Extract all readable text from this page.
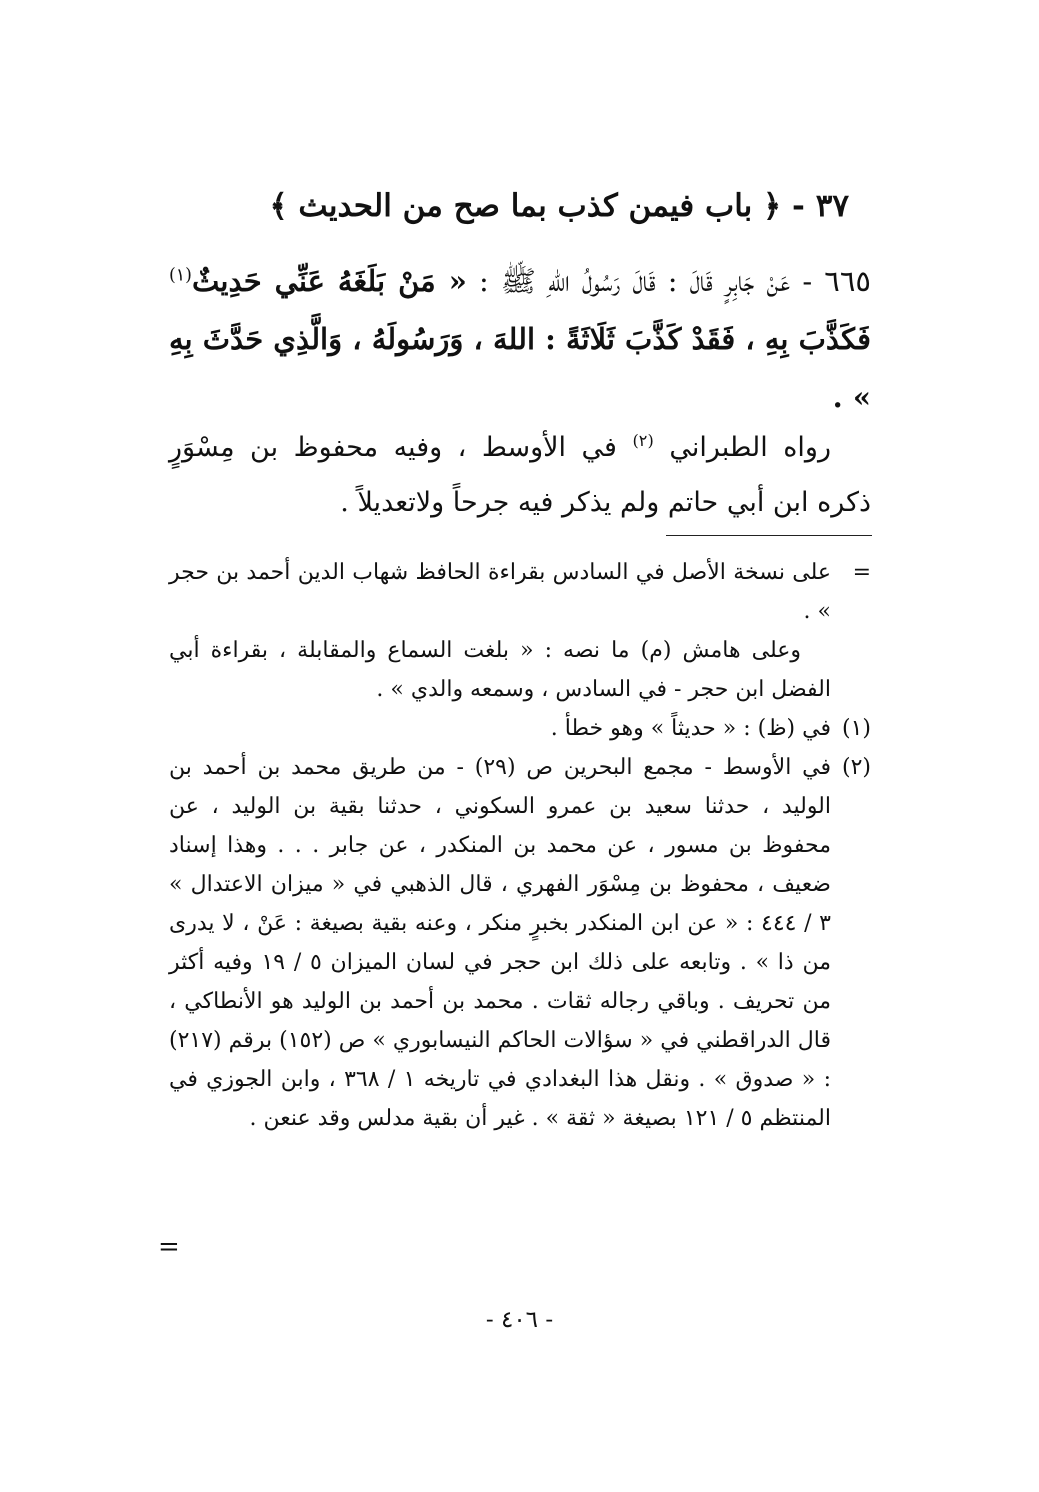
٣٧ - ﴿ باب فيمن كذب بما صح من الحديث ﴾
٦٦٥ - عَنْ جَابِرٍ قَالَ : قَالَ رَسُولُ اللهِ ﷺ : « مَنْ بَلَغَهُ عَنِّي حَدِيثٌ$^{(١)}$ فَكَذَّبَ بِهِ ، فَقَدْ كَذَّبَ ثَلَاثَةً : اللهَ ، وَرَسُولَهُ ، وَالَّذِي حَدَّثَ بِهِ » .
رواه الطبراني $^{(٢)}$ في الأوسط ، وفيه محفوظ بن مِسْوَرٍ ذكره ابن أبي حاتم ولم يذكر فيه جرحاً ولاتعديلاً .
=
على نسخة الأصل في السادس بقراءة الحافظ شهاب الدين أحمد بن حجر » .
وعلى هامش (م) ما نصه : « بلغت السماع والمقابلة ، بقراءة أبي الفضل ابن حجر - في السادس ، وسمعه والدي » .
(١)
في (ظ) : « حديثاً » وهو خطأ .
(٢)
في الأوسط - مجمع البحرين ص (٢٩) - من طريق محمد بن أحمد بن الوليد ، حدثنا سعيد بن عمرو السكوني ، حدثنا بقية بن الوليد ، عن محفوظ بن مسور ، عن محمد بن المنكدر ، عن جابر . . . وهذا إسناد ضعيف ، محفوظ بن مِسْوَر الفهري ، قال الذهبي في « ميزان الاعتدال » ٣ / ٤٤٤ : « عن ابن المنكدر بخبرٍ منكر ، وعنه بقية بصيغة : عَنْ ، لا يدرى من ذا » . وتابعه على ذلك ابن حجر في لسان الميزان ٥ / ١٩ وفيه أكثر من تحريف . وباقي رجاله ثقات . محمد بن أحمد بن الوليد هو الأنطاكي ، قال الدراقطني في « سؤالات الحاكم النيسابوري » ص (١٥٢) برقم (٢١٧) : « صدوق » . ونقل هذا البغدادي في تاريخه ١ / ٣٦٨ ، وابن الجوزي في المنتظم ٥ / ١٢١ بصيغة « ثقة » . غير أن بقية مدلس وقد عنعن .
=
- ٤٠٦ -
